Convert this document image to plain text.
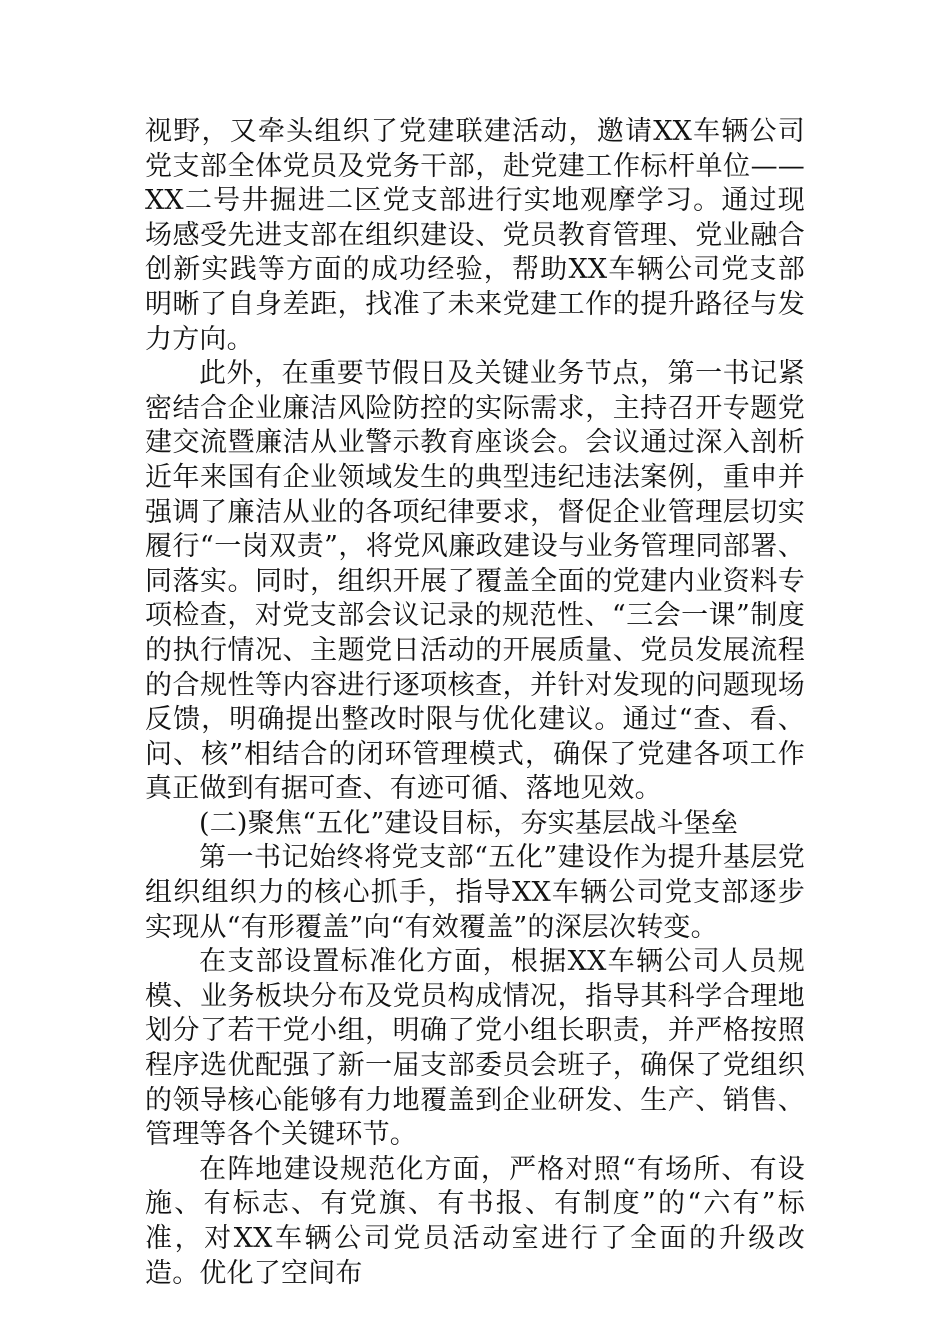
视野，又牵头组织了党建联建活动，邀请XX车辆公司党支部全体党员及党务干部，赴党建工作标杆单位——XX二号井掘进二区党支部进行实地观摩学习。通过现场感受先进支部在组织建设、党员教育管理、党业融合创新实践等方面的成功经验，帮助XX车辆公司党支部明晰了自身差距，找准了未来党建工作的提升路径与发力方向。

此外，在重要节假日及关键业务节点，第一书记紧密结合企业廉洁风险防控的实际需求，主持召开专题党建交流暨廉洁从业警示教育座谈会。会议通过深入剖析近年来国有企业领域发生的典型违纪违法案例，重申并强调了廉洁从业的各项纪律要求，督促企业管理层切实履行“一岗双责”，将党风廉政建设与业务管理同部署、同落实。同时，组织开展了覆盖全面的党建内业资料专项检查，对党支部会议记录的规范性、“三会一课”制度的执行情况、主题党日活动的开展质量、党员发展流程的合规性等内容进行逐项核查，并针对发现的问题现场反馈，明确提出整改时限与优化建议。通过“查、看、问、核”相结合的闭环管理模式，确保了党建各项工作真正做到有据可查、有迹可循、落地见效。

(二)聚焦“五化”建设目标，夯实基层战斗堡垒

第一书记始终将党支部“五化”建设作为提升基层党组织组织力的核心抓手，指导XX车辆公司党支部逐步实现从“有形覆盖”向“有效覆盖”的深层次转变。

在支部设置标准化方面，根据XX车辆公司人员规模、业务板块分布及党员构成情况，指导其科学合理地划分了若干党小组，明确了党小组长职责，并严格按照程序选优配强了新一届支部委员会班子，确保了党组织的领导核心能够有力地覆盖到企业研发、生产、销售、管理等各个关键环节。

在阵地建设规范化方面，严格对照“有场所、有设施、有标志、有党旗、有书报、有制度”的“六有”标准，对XX车辆公司党员活动室进行了全面的升级改造。优化了空间布
